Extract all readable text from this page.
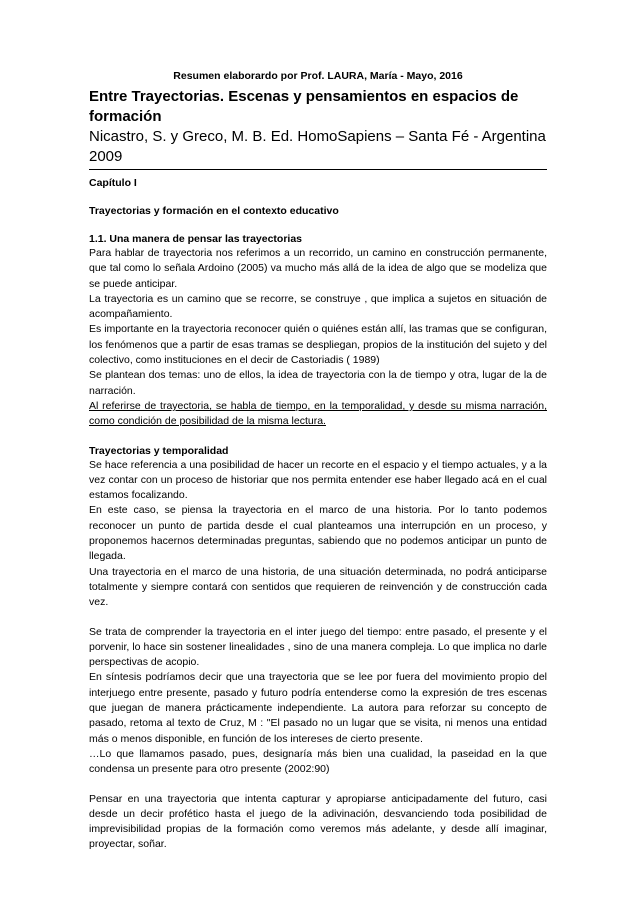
Resumen elaborardo por Prof. LAURA, María - Mayo, 2016
Entre Trayectorias. Escenas y pensamientos en espacios de formación
Nicastro, S. y Greco, M. B. Ed. HomoSapiens – Santa Fé - Argentina 2009
Capítulo I
Trayectorias y formación en el contexto educativo
1.1. Una manera de pensar las trayectorias

Para hablar de trayectoria nos referimos a un recorrido, un camino en construcción permanente, que tal como lo señala Ardoino (2005) va mucho más allá de la idea de algo que se modeliza que se puede anticipar.

La trayectoria es un camino que se recorre, se construye , que implica a sujetos en situación de acompañamiento.

Es importante en la trayectoria reconocer quién o quiénes están allí, las tramas que se configuran, los fenómenos que a partir de esas tramas se despliegan, propios de la institución del sujeto y del colectivo, como instituciones en el decir de Castoriadis ( 1989)

Se plantean dos temas: uno de ellos, la idea de trayectoria con la de tiempo y otra, lugar de la de narración.

Al referirse de trayectoria, se habla de tiempo, en la temporalidad, y desde su misma narración, como condición de posibilidad de la misma lectura.

Trayectorias y temporalidad

Se hace referencia a una posibilidad de hacer un recorte en el espacio y el tiempo actuales, y a la vez contar con un proceso de historiar que nos permita entender ese haber llegado acá en el cual estamos focalizando.

En este caso, se piensa la trayectoria en el marco de una historia. Por lo tanto podemos reconocer un punto de partida desde el cual planteamos una interrupción en un proceso, y proponemos hacernos determinadas preguntas, sabiendo que no podemos anticipar un punto de llegada.

Una trayectoria en el marco de una historia, de una situación determinada, no podrá anticiparse totalmente y siempre contará con sentidos que requieren de reinvención y de construcción cada vez.

Se trata de comprender la trayectoria en el inter juego del tiempo: entre pasado, el presente y el porvenir, lo hace sin sostener linealidades , sino de una manera compleja. Lo que implica no darle perspectivas de acopio.

En síntesis podríamos decir que una trayectoria que se lee por fuera del movimiento propio del interjuego entre presente, pasado y futuro podría entenderse como la expresión de tres escenas que juegan de manera prácticamente independiente. La autora para reforzar su concepto de pasado, retoma al texto de Cruz, M : "El pasado no un lugar que se visita, ni menos una entidad más o menos disponible, en función de los intereses de cierto presente.

…Lo que llamamos pasado, pues, designaría más bien una cualidad, la paseidad en la que condensa un presente para otro presente (2002:90)

Pensar en una trayectoria que intenta capturar y apropiarse anticipadamente del futuro, casi desde un decir profético hasta el juego de la adivinación, desvanciendo toda posibilidad de imprevisibilidad propias de la formación como veremos más adelante, y desde allí imaginar, proyectar, soñar.
